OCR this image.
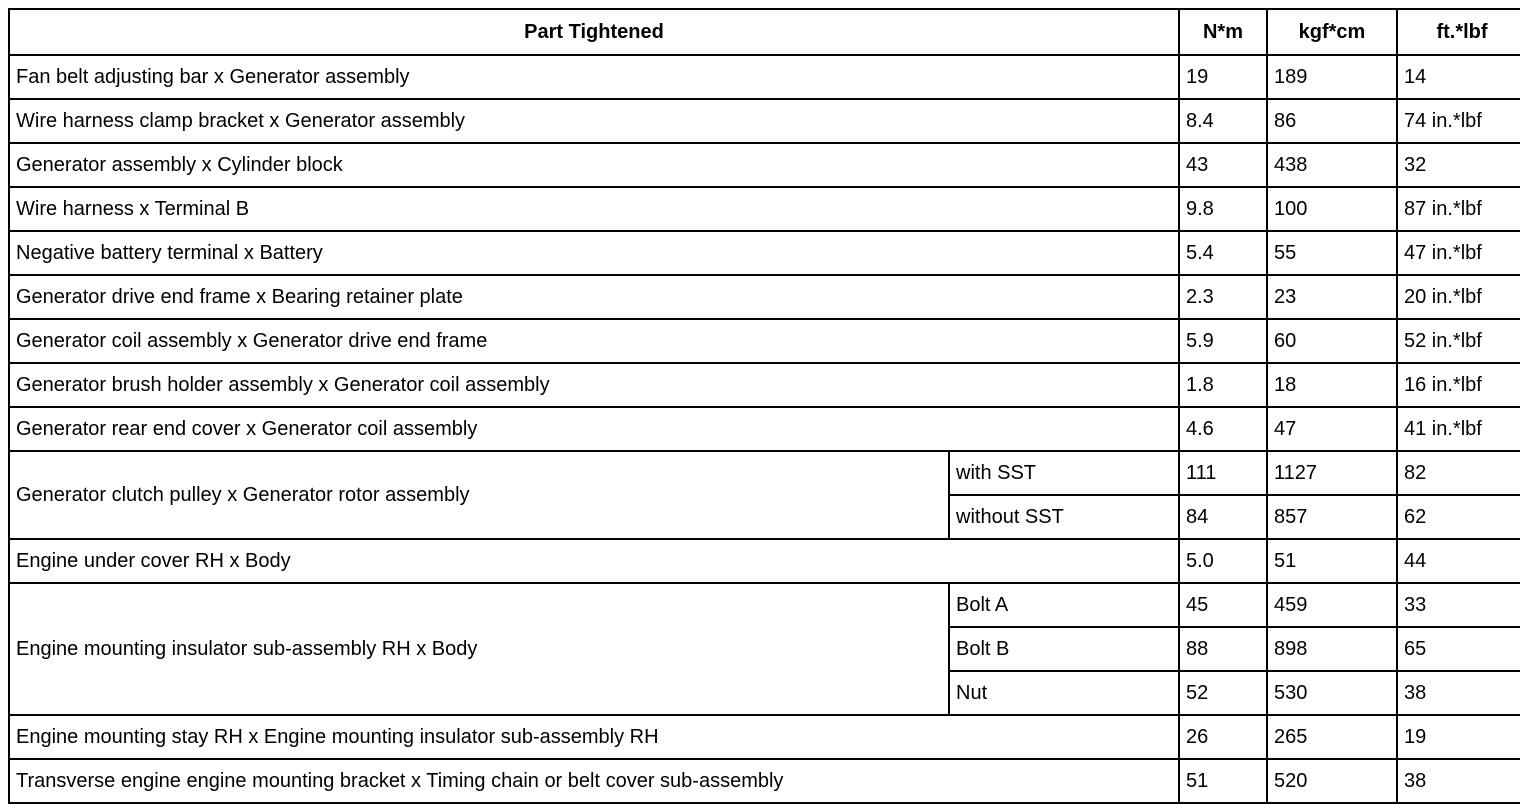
Part Tightened		N*m	kgf*cm	ft.*lbf
Fan belt adjusting bar x Generator assembly		19	189	14
Wire harness clamp bracket x Generator assembly		8.4	86	74 in.*lbf
Generator assembly x Cylinder block		43	438	32
Wire harness x Terminal B		9.8	100	87 in.*lbf
Negative battery terminal x Battery		5.4	55	47 in.*lbf
Generator drive end frame x Bearing retainer plate		2.3	23	20 in.*lbf
Generator coil assembly x Generator drive end frame		5.9	60	52 in.*lbf
Generator brush holder assembly x Generator coil assembly		1.8	18	16 in.*lbf
Generator rear end cover x Generator coil assembly		4.6	47	41 in.*lbf
Generator clutch pulley x Generator rotor assembly	with SST	111	1127	82
	without SST	84	857	62
Engine under cover RH x Body		5.0	51	44
Engine mounting insulator sub-assembly RH x Body	Bolt A	45	459	33
	Bolt B	88	898	65
	Nut	52	530	38
Engine mounting stay RH x Engine mounting insulator sub-assembly RH		26	265	19
Transverse engine engine mounting bracket x Timing chain or belt cover sub-assembly		51	520	38
